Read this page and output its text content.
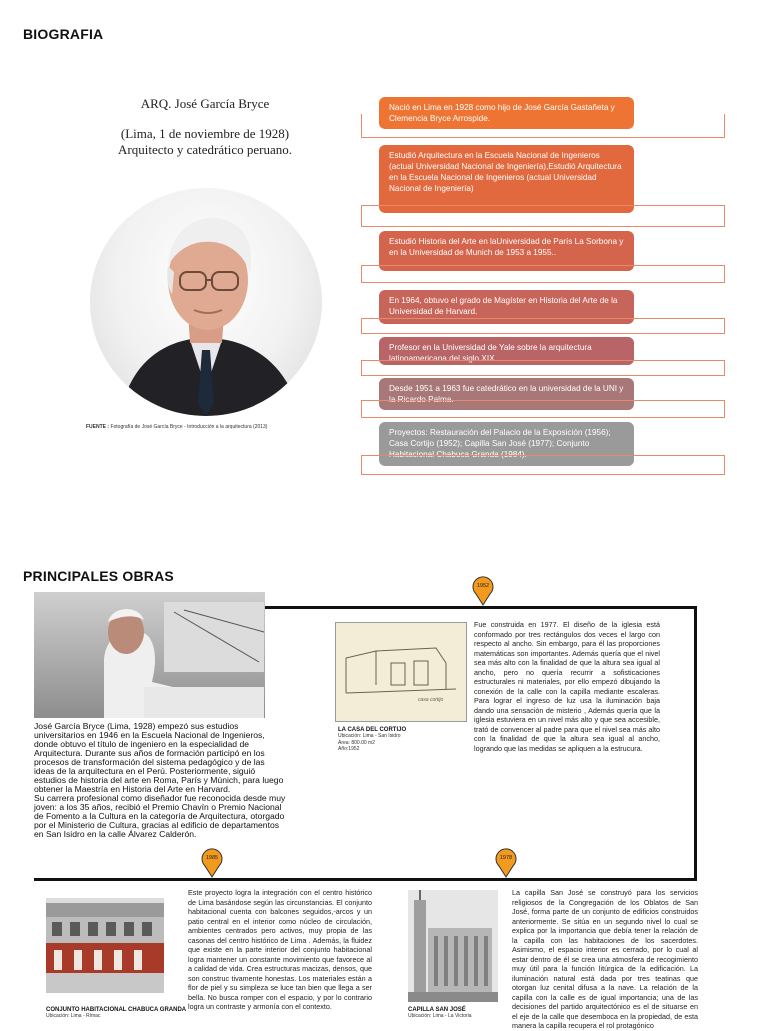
BIOGRAFIA
ARQ. José García Bryce
(Lima, 1 de noviembre de 1928)
Arquitecto y catedrático peruano.
FUENTE : Fotografía de José García Bryce - Introducción a la arquitectura (2013)
Nació en Lima en 1928 como hijo de José García Gastañeta y Clemencia Bryce Arrospide.
Estudió Arquitectura en la Escuela Nacional de Ingenieros (actual Universidad Nacional de Ingeniería),Estudió Arquitectura en la Escuela Nacional de Ingenieros (actual Universidad Nacional de Ingeniería)
Estudió Historia del Arte en laUniversidad de París La Sorbona y en la Universidad de Munich de 1953 a 1955..
En 1964, obtuvo el grado de Magíster en Historia del Arte de la Universidad de Harvard.
Profesor en la Universidad de Yale sobre la arquitectura latinoamericana del siglo XIX.
Desde 1951 a 1963 fue catedrático en la universidad de la UNI y la Ricardo Palma.
Proyectos: Restauración del Palacio de la Exposición (1956); Casa Cortijo (1952); Capilla San José (1977); Conjunto Habitacional Chabuca Granda (1984).
PRINCIPALES OBRAS
1952
1985	1978
José García Bryce (Lima, 1928) empezó sus estudios universitarios en 1946 en la Escuela Nacional de Ingenieros, donde obtuvo el título de ingeniero en la especialidad de Arquitectura. Durante sus años de formación participó en los procesos de transformación del sistema pedagógico y de las ideas de la arquitectura en el Perú. Posteriormente, siguió estudios de historia del arte en Roma, París y Múnich, para luego obtener la Maestría en Historia del Arte en Harvard.
Su carrera profesional como diseñador fue reconocida desde muy joven: a los 35 años, recibió el Premio Chavín o Premio Nacional de Fomento a la Cultura en la categoría de Arquitectura, otorgado por el Ministerio de Cultura, gracias al edificio de departamentos en San Isidro en la calle Álvarez Calderón.
casa cortijo
LA CASA DEL CORTIJO
Ubicación: Lima - San Isidro
Área: 800.00 m2
Año:1952
Fue construida en 1977. El diseño de la iglesia está conformado por tres rectángulos dos veces el largo con respecto al ancho. Sin embargo, para él las proporciones matemáticas son importantes. Además quería que el nivel sea más alto con la finalidad de que la altura sea igual al ancho, pero no quería recurrir a sofisticaciones estructurales ni materiales, por ello empezó dibujando la conexión de la calle con la capilla mediante escaleras. Para lograr el ingreso de luz usa la iluminación baja dando una sensación de misterio , Además quería que la iglesia estuviera en un nivel más alto y que sea accesible, trató de convencer al padre para que el nivel sea más alto con la finalidad de que la altura sea igual al ancho, logrando que las medidas se apliquen a la estrucura.
CONJUNTO HABITACIONAL CHABUCA GRANDA
Ubicación: Lima - Rímac
Este proyecto logra la integración con el centro histórico de Lima basándose según las circunstancias. El conjunto habitacional cuenta con balcones seguidos,-arcos y un patio central en el interior como núcleo de circulación, ambientes centrados pero activos, muy propia de las casonas del centro histórico de Lima . Además, la fluidez que existe en la parte interior del conjunto habitacional logra mantener un constante movimiento que favorece al a calidad de vida. Crea estructuras macizas, densos, que son construc tivamente honestas. Los materiales están a flor de piel y su simpleza se luce tan bien que llega a ser bella. No busca romper con el espacio, y por lo contrario logra un contraste y armonía con el contexto.	CAPILLA SAN JOSÉ
Ubicación: Lima - La Victoria
La capilla San José se construyó para los servicios religiosos de la Congregación de los Oblatos de San José, forma parte de un conjunto de edificios construidos anteriormente. Se sitúa en un segundo nivel lo cual se explica por la importancia que debía tener la relación de la capilla con las habitaciones de los sacerdotes. Asimismo, el espacio interior es cerrado, por lo cual al estar dentro de él se crea una atmosfera de recogimiento muy útil para la función litúrgica de la edificación. La iluminación natural está dada por tres teatinas que otorgan luz cenital difusa a la nave. La relación de la capilla con la calle es de igual importancia; una de las decisiones del partido arquitectónico es el de situarse en el eje de la calle que desemboca en la propiedad, de esta manera la capilla recupera el rol protagónico
